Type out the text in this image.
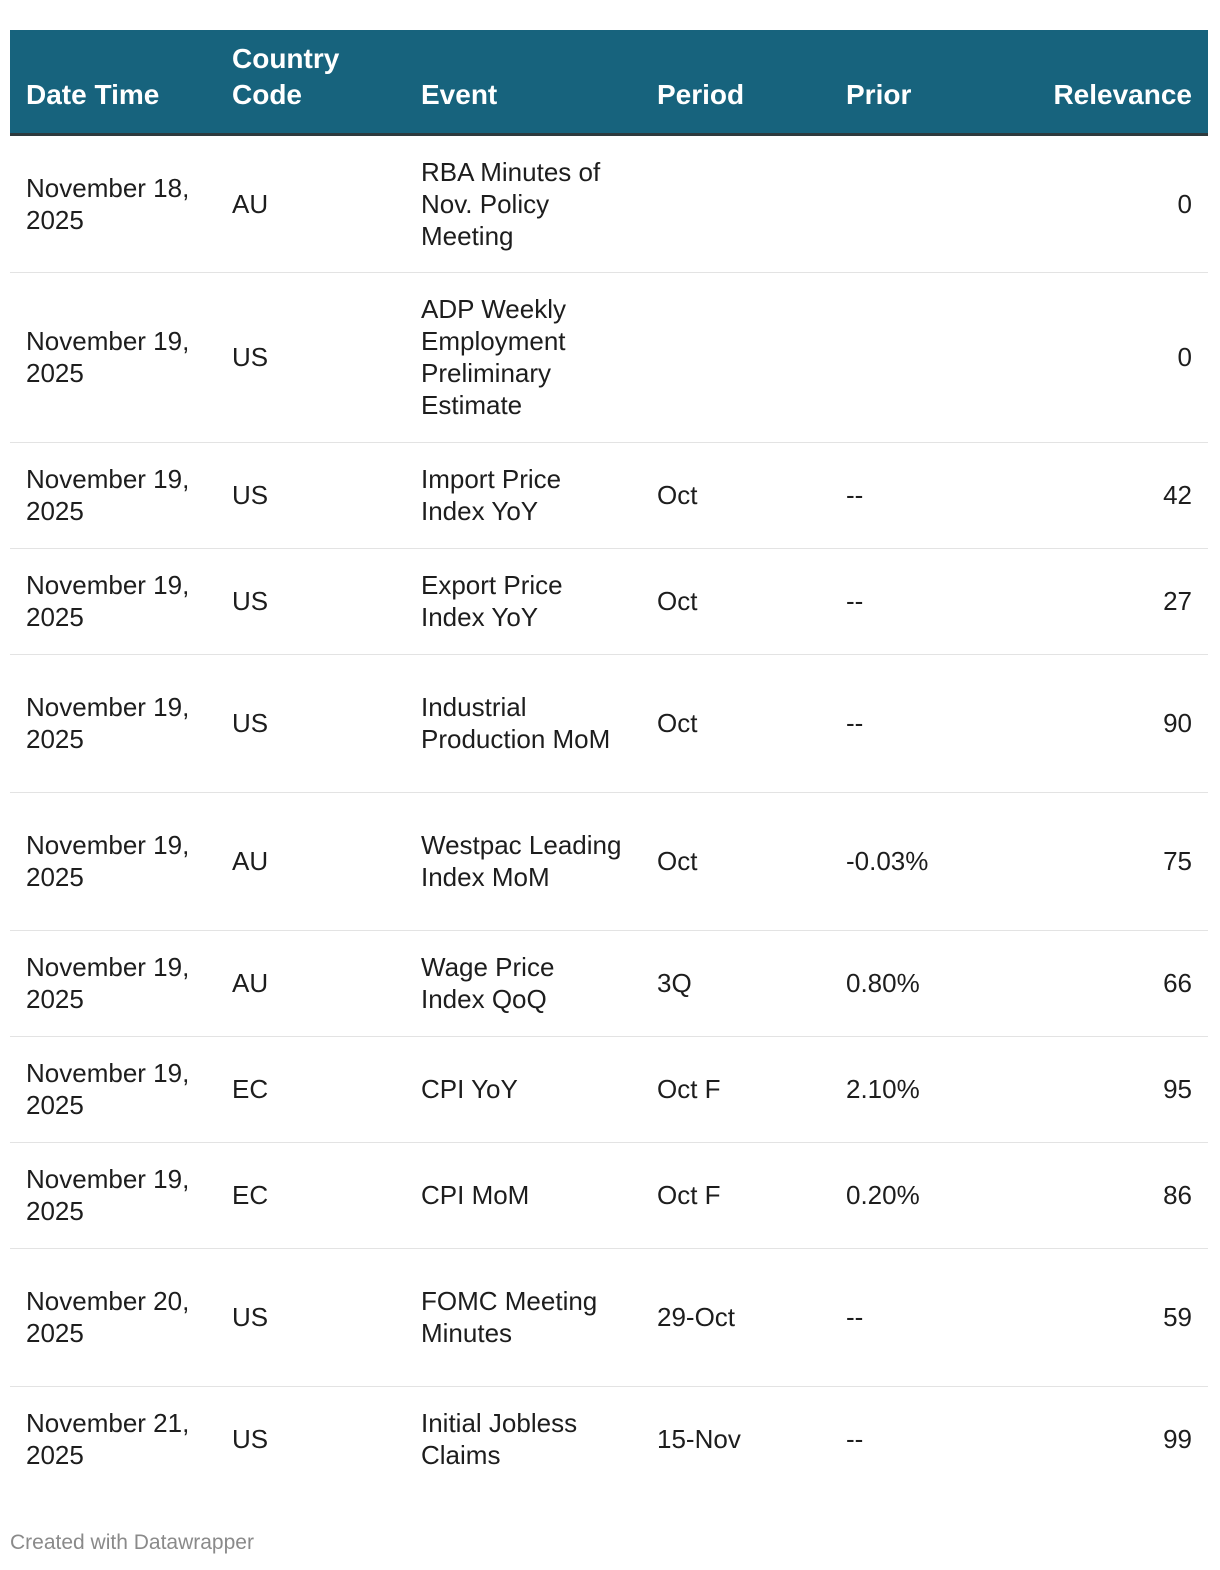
Date Time	Country Code	Event	Period	Prior	Relevance
November 18, 2025	AU	RBA Minutes of Nov. Policy Meeting			0
November 19, 2025	US	ADP Weekly Employment Preliminary Estimate			0
November 19, 2025	US	Import Price Index YoY	Oct	--	42
November 19, 2025	US	Export Price Index YoY	Oct	--	27
November 19, 2025	US	Industrial Production MoM	Oct	--	90
November 19, 2025	AU	Westpac Leading Index MoM	Oct	-0.03%	75
November 19, 2025	AU	Wage Price Index QoQ	3Q	0.80%	66
November 19, 2025	EC	CPI YoY	Oct F	2.10%	95
November 19, 2025	EC	CPI MoM	Oct F	0.20%	86
November 20, 2025	US	FOMC Meeting Minutes	29-Oct	--	59
November 21, 2025	US	Initial Jobless Claims	15-Nov	--	99
Created with Datawrapper
